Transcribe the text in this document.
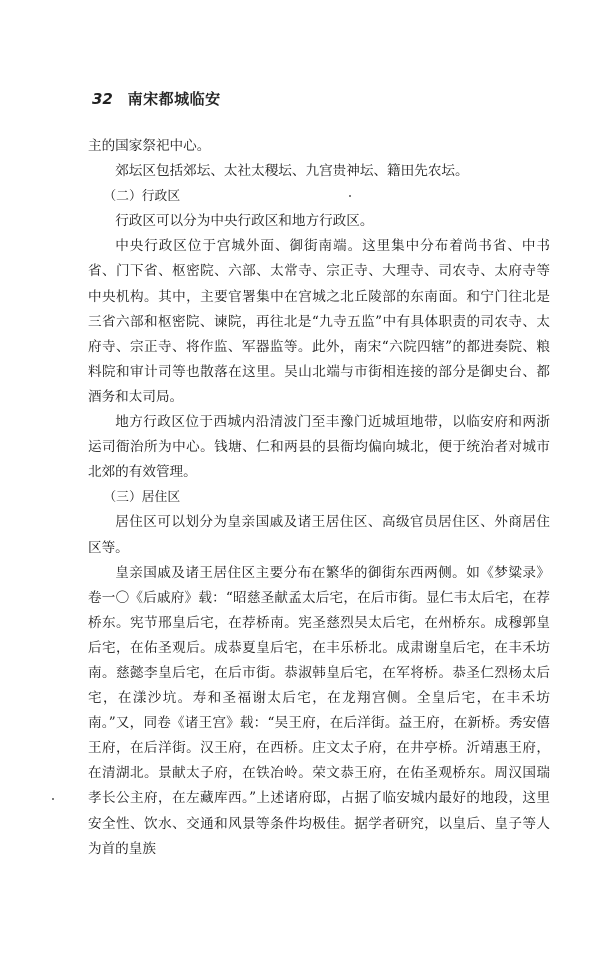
32 南宋都城临安

主的国家祭祀中心。

郊坛区包括郊坛、太社太稷坛、九宫贵神坛、籍田先农坛。

（二）行政区

行政区可以分为中央行政区和地方行政区。

中央行政区位于宫城外面、御街南端。这里集中分布着尚书省、中书省、门下省、枢密院、六部、太常寺、宗正寺、大理寺、司农寺、太府寺等中央机构。其中，主要官署集中在宫城之北丘陵部的东南面。和宁门往北是三省六部和枢密院、谏院，再往北是“九寺五监”中有具体职责的司农寺、太府寺、宗正寺、将作监、军器监等。此外，南宋“六院四辖”的都进奏院、粮料院和审计司等也散落在这里。吴山北端与市街相连接的部分是御史台、都酒务和太司局。

地方行政区位于西城内沿清波门至丰豫门近城垣地带，以临安府和两浙运司衙治所为中心。钱塘、仁和两县的县衙均偏向城北，便于统治者对城市北郊的有效管理。

（三）居住区

居住区可以划分为皇亲国戚及诸王居住区、高级官员居住区、外商居住区等。

皇亲国戚及诸王居住区主要分布在繁华的御街东西两侧。如《梦粱录》卷一〇《后戚府》载：“昭慈圣献孟太后宅，在后市街。显仁韦太后宅，在荐桥东。宪节邢皇后宅，在荐桥南。宪圣慈烈吴太后宅，在州桥东。成穆郭皇后宅，在佑圣观后。成恭夏皇后宅，在丰乐桥北。成肃谢皇后宅，在丰禾坊南。慈懿李皇后宅，在后市街。恭淑韩皇后宅，在军将桥。恭圣仁烈杨太后宅，在漾沙坑。寿和圣福谢太后宅，在龙翔宫侧。全皇后宅，在丰禾坊南。”又，同卷《诸王宫》载：“吴王府，在后洋街。益王府，在新桥。秀安僖王府，在后洋街。汉王府，在西桥。庄文太子府，在井亭桥。沂靖惠王府，在清湖北。景献太子府，在铁冶岭。荣文恭王府，在佑圣观桥东。周汉国瑞孝长公主府，在左藏库西。”上述诸府邸，占据了临安城内最好的地段，这里安全性、饮水、交通和风景等条件均极佳。据学者研究，以皇后、皇子等人为首的皇族
